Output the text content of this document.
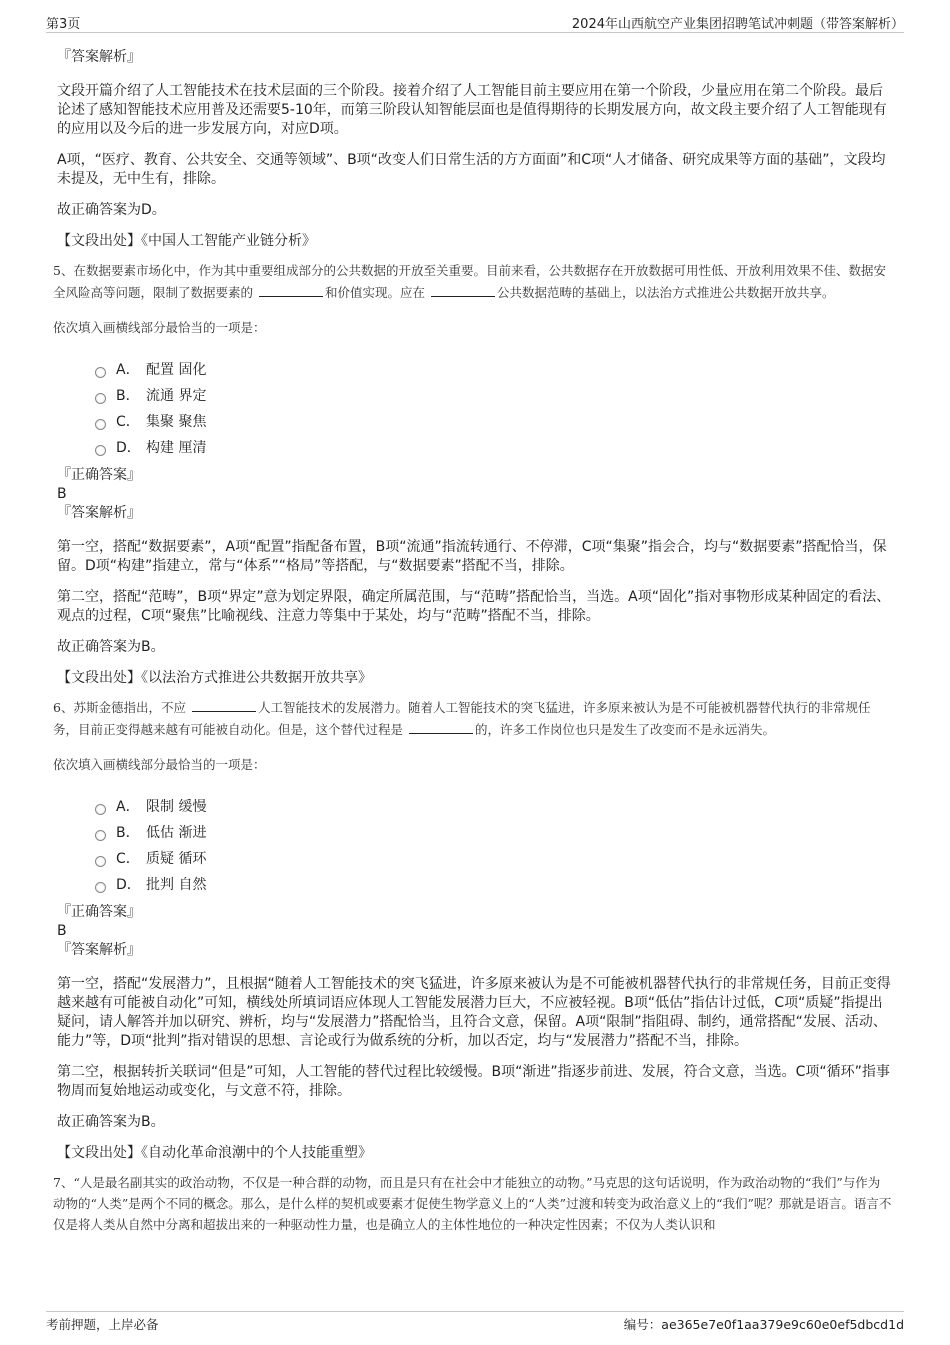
第3页	2024年山西航空产业集团招聘笔试冲刺题（带答案解析）

『答案解析』

文段开篇介绍了人工智能技术在技术层面的三个阶段。接着介绍了人工智能目前主要应用在第一个阶段，少量应用在第二个阶段。最后论述了感知智能技术应用普及还需要5-10年，而第三阶段认知智能层面也是值得期待的长期发展方向，故文段主要介绍了人工智能现有的应用以及今后的进一步发展方向，对应D项。

A项，“医疗、教育、公共安全、交通等领域”、B项“改变人们日常生活的方方面面”和C项“人才储备、研究成果等方面的基础”，文段均未提及，无中生有，排除。

故正确答案为D。

【文段出处】《中国人工智能产业链分析》

5、在数据要素市场化中，作为其中重要组成部分的公共数据的开放至关重要。目前来看，公共数据存在开放数据可用性低、开放利用效果不佳、数据安全风险高等问题，限制了数据要素的	和价值实现。应在	公共数据范畴的基础上，以法治方式推进公共数据开放共享。

依次填入画横线部分最恰当的一项是：

A． 配置 固化
B． 流通 界定
C． 集聚 聚焦
D． 构建 厘清

『正确答案』

B

『答案解析』

第一空，搭配“数据要素”，A项“配置”指配备布置，B项“流通”指流转通行、不停滞，C项“集聚”指会合，均与“数据要素”搭配恰当，保留。D项“构建”指建立，常与“体系”“格局”等搭配，与“数据要素”搭配不当，排除。

第二空，搭配“范畴”，B项“界定”意为划定界限，确定所属范围，与“范畴”搭配恰当，当选。A项“固化”指对事物形成某种固定的看法、观点的过程，C项“聚焦”比喻视线、注意力等集中于某处，均与“范畴”搭配不当，排除。

故正确答案为B。

【文段出处】《以法治方式推进公共数据开放共享》

6、苏斯金德指出，不应	人工智能技术的发展潜力。随着人工智能技术的突飞猛进，许多原来被认为是不可能被机器替代执行的非常规任务，目前正变得越来越有可能被自动化。但是，这个替代过程是	的，许多工作岗位也只是发生了改变而不是永远消失。

依次填入画横线部分最恰当的一项是：

A． 限制 缓慢
B． 低估 渐进
C． 质疑 循环
D． 批判 自然

『正确答案』

B

『答案解析』

第一空，搭配“发展潜力”，且根据“随着人工智能技术的突飞猛进，许多原来被认为是不可能被机器替代执行的非常规任务，目前正变得越来越有可能被自动化”可知，横线处所填词语应体现人工智能发展潜力巨大，不应被轻视。B项“低估”指估计过低，C项“质疑”指提出疑问，请人解答并加以研究、辨析，均与“发展潜力”搭配恰当，且符合文意，保留。A项“限制”指阻碍、制约，通常搭配“发展、活动、能力”等，D项“批判”指对错误的思想、言论或行为做系统的分析，加以否定，均与“发展潜力”搭配不当，排除。

第二空，根据转折关联词“但是”可知，人工智能的替代过程比较缓慢。B项“渐进”指逐步前进、发展，符合文意，当选。C项“循环”指事物周而复始地运动或变化，与文意不符，排除。

故正确答案为B。

【文段出处】《自动化革命浪潮中的个人技能重塑》

7、“人是最名副其实的政治动物，不仅是一种合群的动物，而且是只有在社会中才能独立的动物。”马克思的这句话说明，作为政治动物的“我们”与作为动物的“人类”是两个不同的概念。那么，是什么样的契机或要素才促使生物学意义上的“人类”过渡和转变为政治意义上的“我们”呢？那就是语言。语言不仅是将人类从自然中分离和超拔出来的一种驱动性力量，也是确立人的主体性地位的一种决定性因素；不仅为人类认识和

考前押题，上岸必备	编号：ae365e7e0f1aa379e9c60e0ef5dbcd1d
